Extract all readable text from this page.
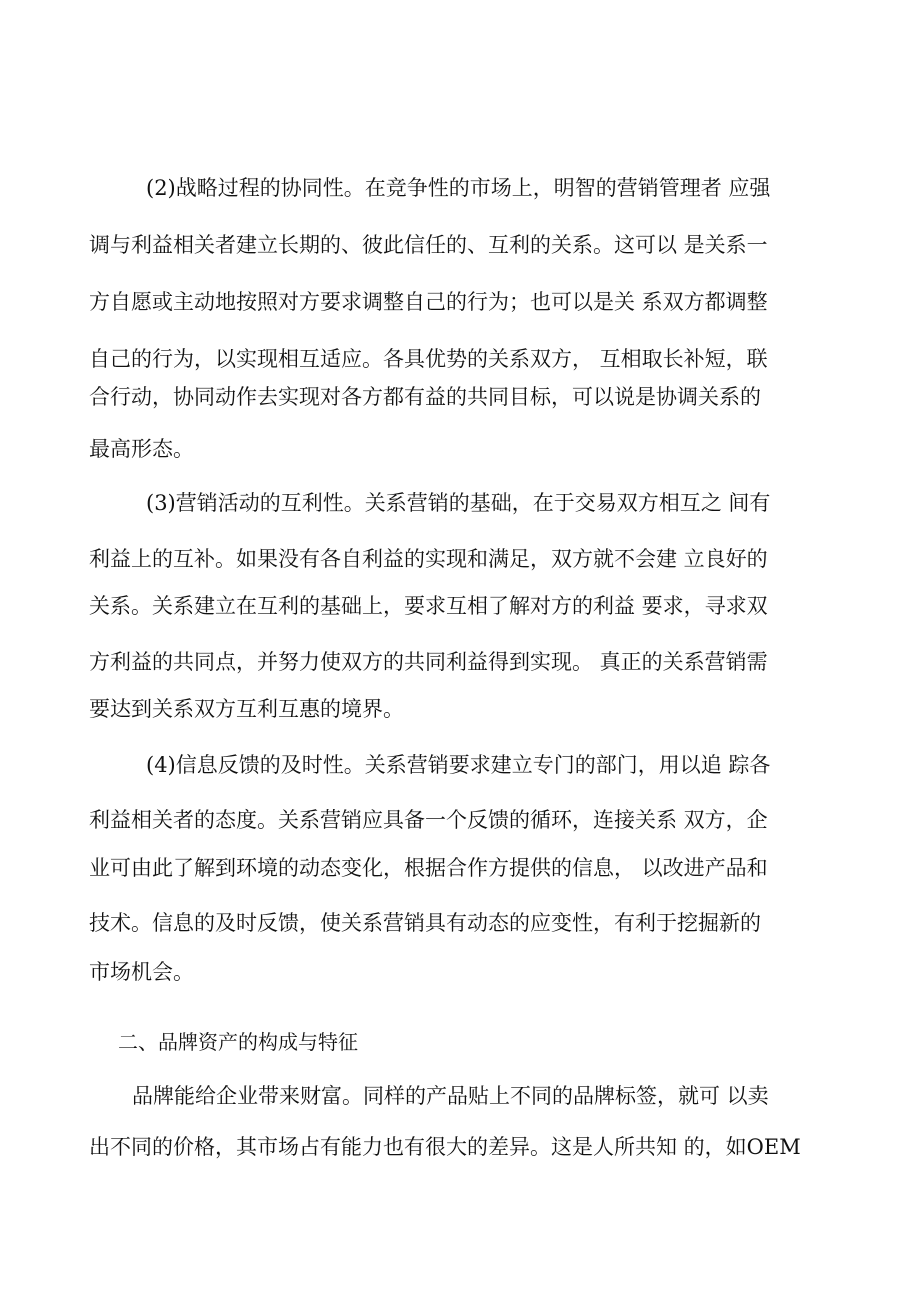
(2)战略过程的协同性。在竞争性的市场上，明智的营销管理者 应强
调与利益相关者建立长期的、彼此信任的、互利的关系。这可以 是关系一
方自愿或主动地按照对方要求调整自己的行为；也可以是关 系双方都调整
自己的行为，以实现相互适应。各具优势的关系双方， 互相取长补短，联
合行动，协同动作去实现对各方都有益的共同目标，可以说是协调关系的
最高形态。
(3)营销活动的互利性。关系营销的基础，在于交易双方相互之 间有
利益上的互补。如果没有各自利益的实现和满足，双方就不会建 立良好的
关系。关系建立在互利的基础上，要求互相了解对方的利益 要求，寻求双
方利益的共同点，并努力使双方的共同利益得到实现。 真正的关系营销需
要达到关系双方互利互惠的境界。
(4)信息反馈的及时性。关系营销要求建立专门的部门，用以追 踪各
利益相关者的态度。关系营销应具备一个反馈的循环，连接关系 双方，企
业可由此了解到环境的动态变化，根据合作方提供的信息， 以改进产品和
技术。信息的及时反馈，使关系营销具有动态的应变性，有利于挖掘新的
市场机会。
二、品牌资产的构成与特征
品牌能给企业带来财富。同样的产品贴上不同的品牌标签，就可 以卖
出不同的价格，其市场占有能力也有很大的差异。这是人所共知 的，如OEM
